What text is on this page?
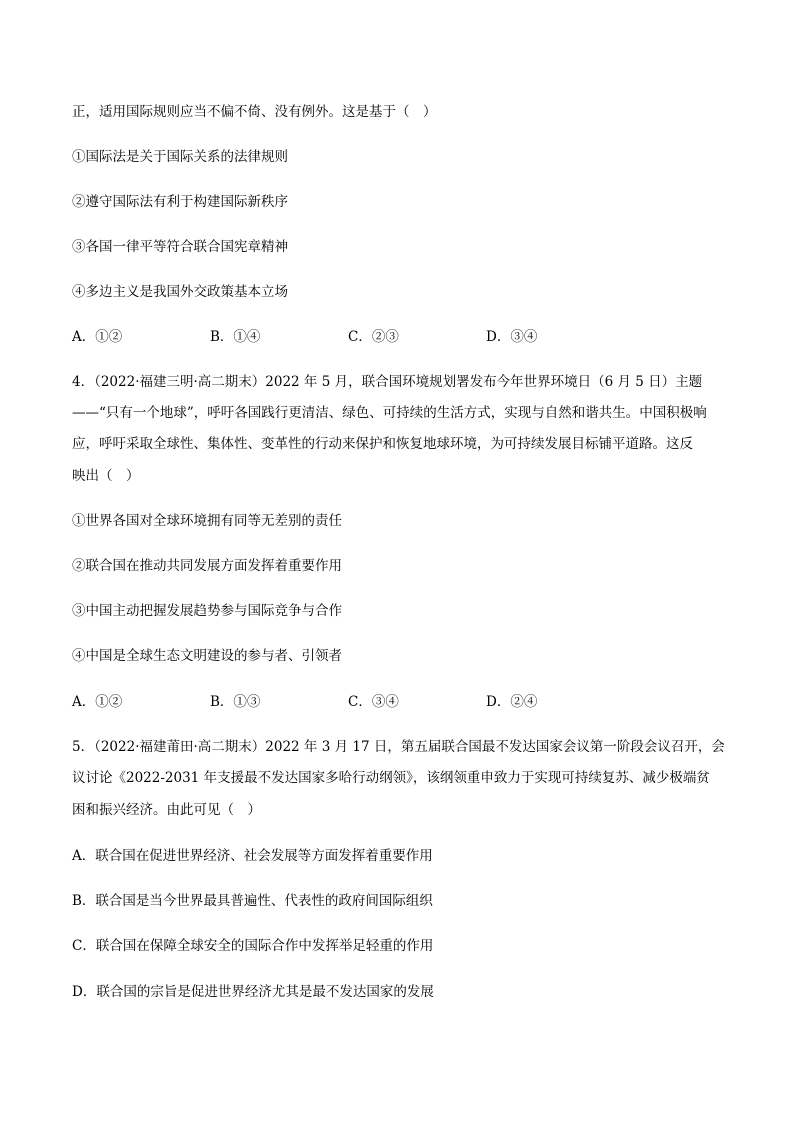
正，适用国际规则应当不偏不倚、没有例外。这是基于（　）
①国际法是关于国际关系的法律规则
②遵守国际法有利于构建国际新秩序
③各国一律平等符合联合国宪章精神
④多边主义是我国外交政策基本立场
A．①②	B．①④	C．②③	D．③④
4．（2022·福建三明·高二期末）2022 年 5 月，联合国环境规划署发布今年世界环境日（6 月 5 日）主题
——“只有一个地球”，呼吁各国践行更清洁、绿色、可持续的生活方式，实现与自然和谐共生。中国积极响
应，呼吁采取全球性、集体性、变革性的行动来保护和恢复地球环境，为可持续发展目标铺平道路。这反
映出（　）
①世界各国对全球环境拥有同等无差别的责任
②联合国在推动共同发展方面发挥着重要作用
③中国主动把握发展趋势参与国际竞争与合作
④中国是全球生态文明建设的参与者、引领者
A．①②	B．①③	C．③④	D．②④
5．（2022·福建莆田·高二期末）2022 年 3 月 17 日，第五届联合国最不发达国家会议第一阶段会议召开，会
议讨论《2022-2031 年支援最不发达国家多哈行动纲领》，该纲领重申致力于实现可持续复苏、减少极端贫
困和振兴经济。由此可见（　）
A．联合国在促进世界经济、社会发展等方面发挥着重要作用
B．联合国是当今世界最具普遍性、代表性的政府间国际组织
C．联合国在保障全球安全的国际合作中发挥举足轻重的作用
D．联合国的宗旨是促进世界经济尤其是最不发达国家的发展
